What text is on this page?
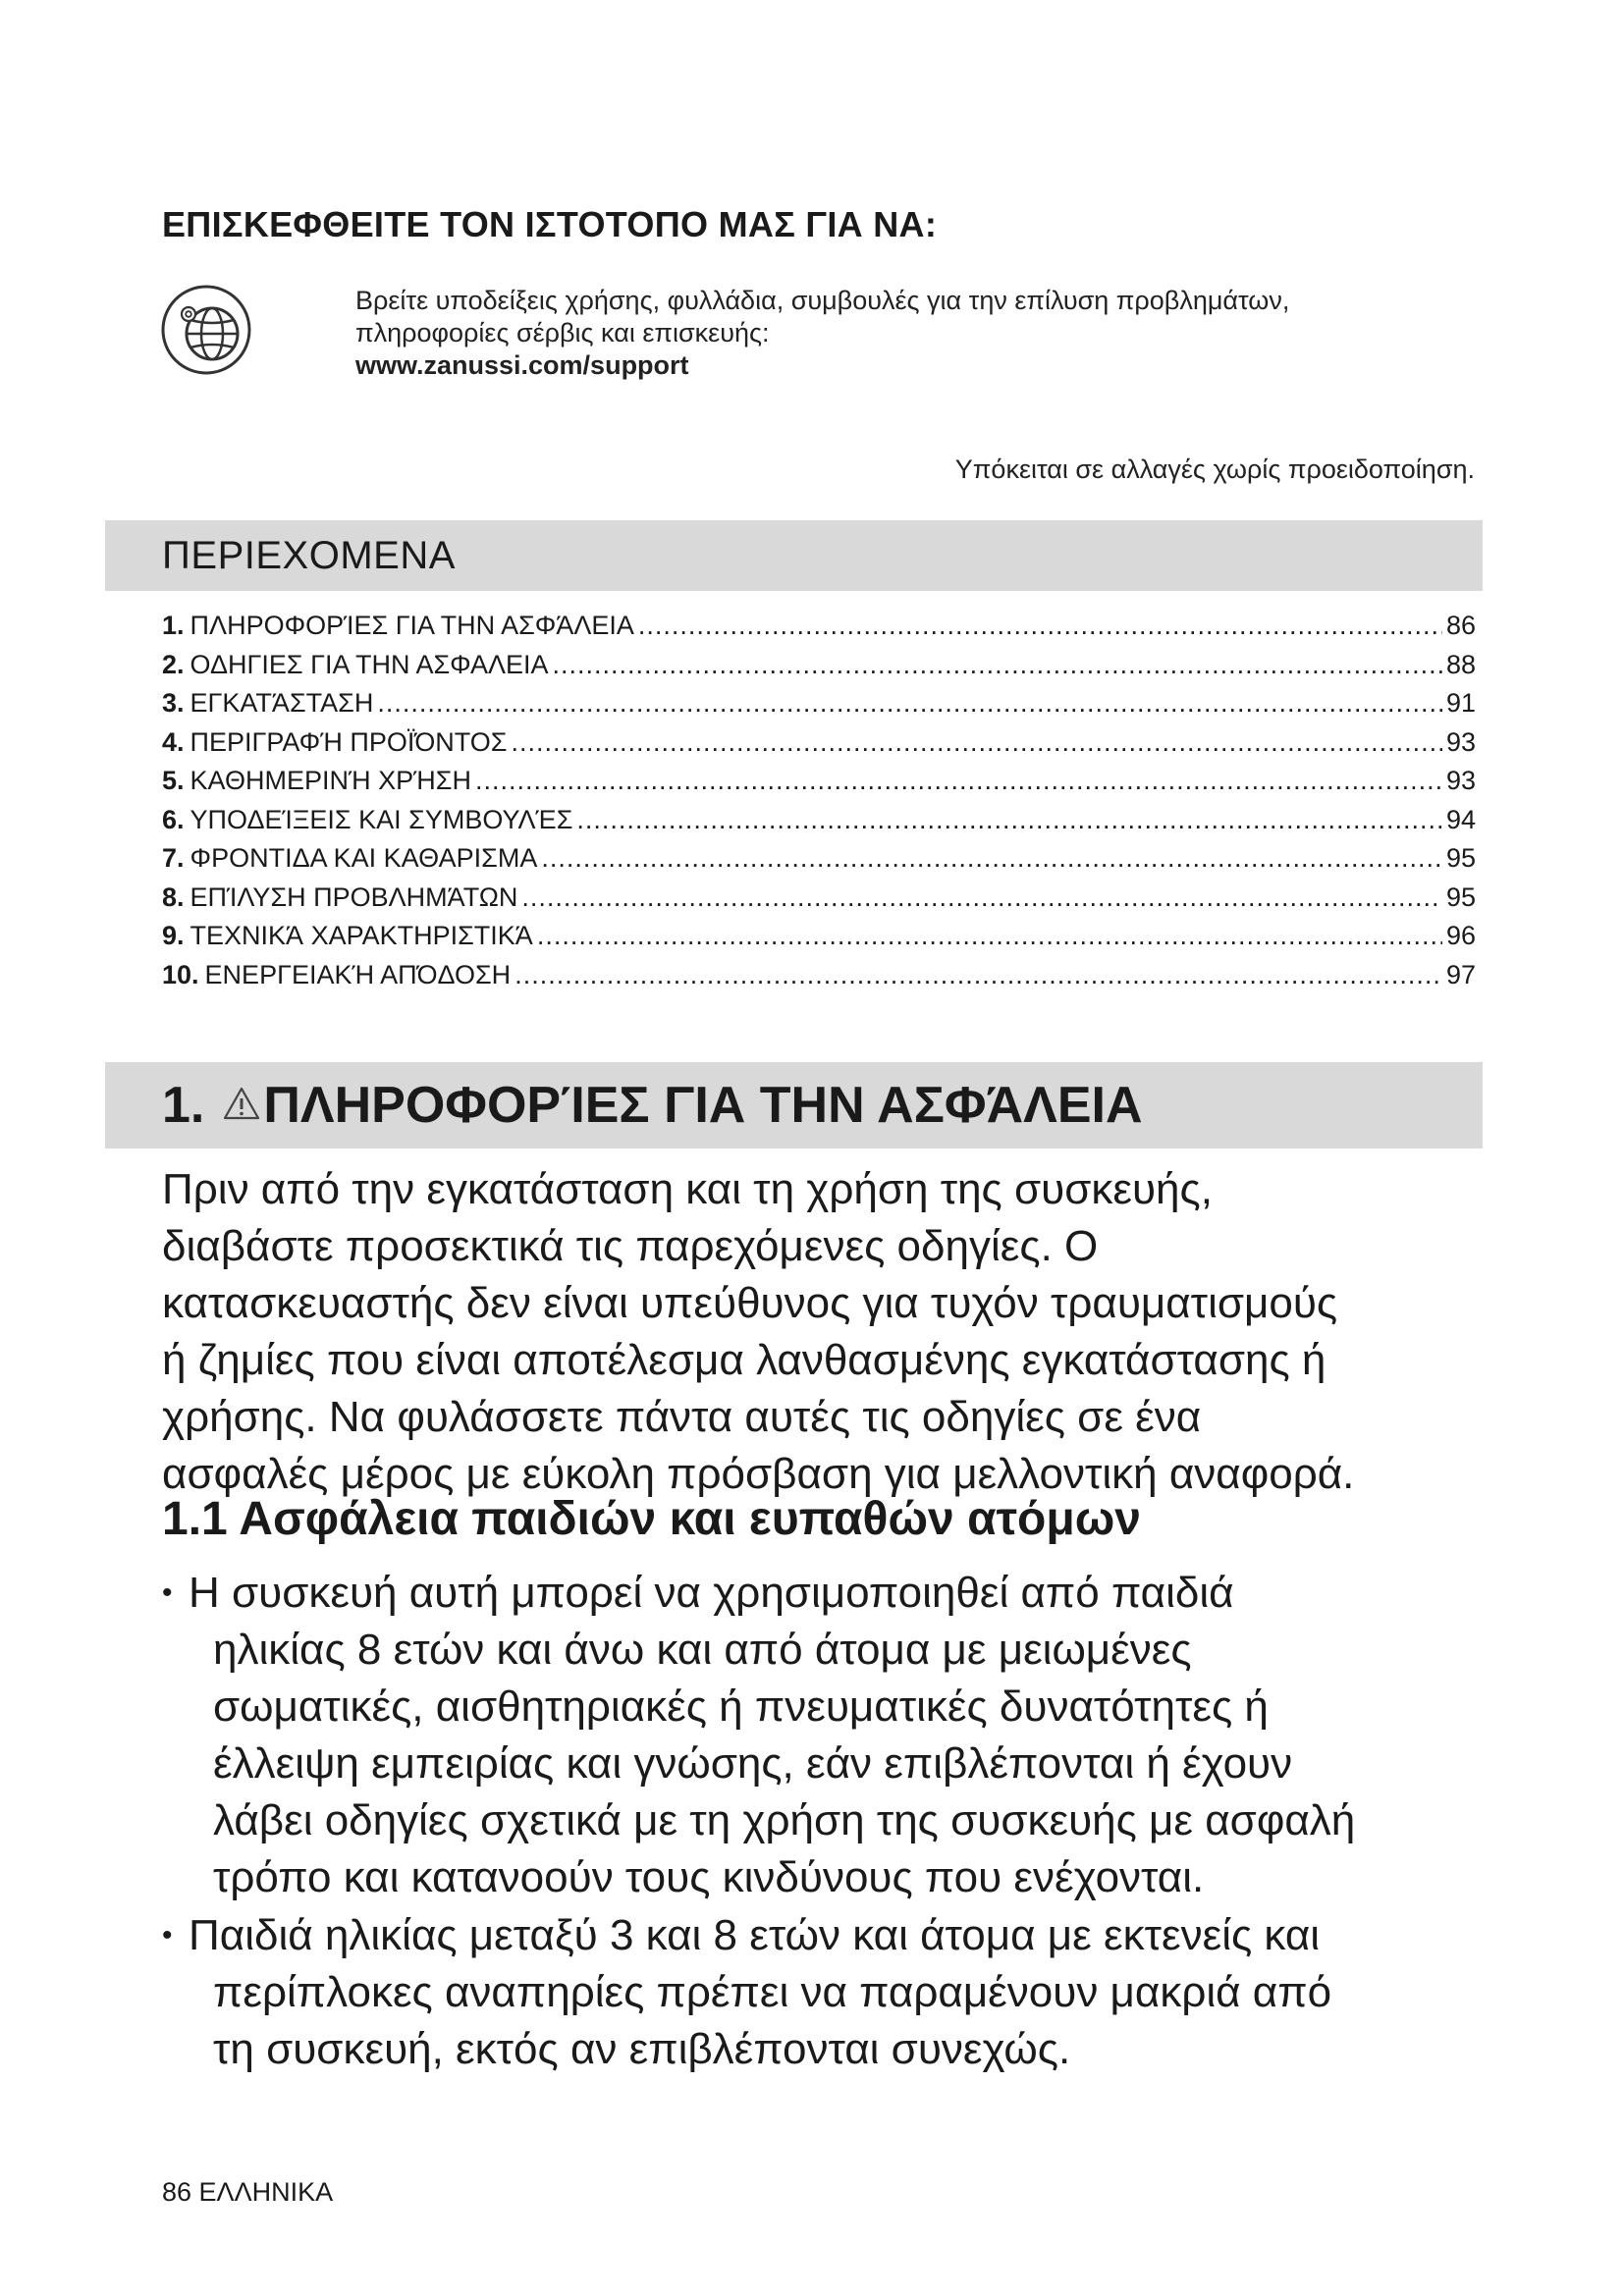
ΕΠΙΣΚΕΦΘΕΙΤΕ ΤΟΝ ΙΣΤΟΤΟΠΟ ΜΑΣ ΓΙΑ ΝΑ:
Βρείτε υποδείξεις χρήσης, φυλλάδια, συμβουλές για την επίλυση προβλημάτων,
πληροφορίες σέρβις και επισκευής:
www.zanussi.com/support
Υπόκειται σε αλλαγές χωρίς προειδοποίηση.
ΠΕΡΙΕΧΟΜΕΝΑ
1. ΠΛΗΡΟΦΟΡΊΕΣ ΓΙΑ ΤΗΝ ΑΣΦΆΛΕΙΑ .....	86
2. ΟΔΗΓΙΕΣ ΓΙΑ ΤΗΝ ΑΣΦΑΛΕΙΑ .....	88
3. ΕΓΚΑΤΆΣΤΑΣΗ .....	91
4. ΠΕΡΙΓΡΑΦΉ ΠΡΟΪΌΝΤΟΣ .....	93
5. ΚΑΘΗΜΕΡΙΝΉ ΧΡΉΣΗ .....	93
6. ΥΠΟΔΕΊΞΕΙΣ ΚΑΙ ΣΥΜΒΟΥΛΈΣ .....	94
7. ΦΡΟΝΤΙΔΑ ΚΑΙ ΚΑΘΑΡΙΣΜΑ .....	95
8. ΕΠΊΛΥΣΗ ΠΡΟΒΛΗΜΆΤΩΝ .....	95
9. ΤΕΧΝΙΚΆ ΧΑΡΑΚΤΗΡΙΣΤΙΚΆ .....	96
10. ΕΝΕΡΓΕΙΑΚΉ ΑΠΌΔΟΣΗ .....	97
1. ΠΛΗΡΟΦΟΡΊΕΣ ΓΙΑ ΤΗΝ ΑΣΦΆΛΕΙΑ
Πριν από την εγκατάσταση και τη χρήση της συσκευής,
διαβάστε προσεκτικά τις παρεχόμενες οδηγίες. Ο
κατασκευαστής δεν είναι υπεύθυνος για τυχόν τραυματισμούς
ή ζημίες που είναι αποτέλεσμα λανθασμένης εγκατάστασης ή
χρήσης. Να φυλάσσετε πάντα αυτές τις οδηγίες σε ένα
ασφαλές μέρος με εύκολη πρόσβαση για μελλοντική αναφορά.
1.1 Ασφάλεια παιδιών και ευπαθών ατόμων
• Η συσκευή αυτή μπορεί να χρησιμοποιηθεί από παιδιά
ηλικίας 8 ετών και άνω και από άτομα με μειωμένες
σωματικές, αισθητηριακές ή πνευματικές δυνατότητες ή
έλλειψη εμπειρίας και γνώσης, εάν επιβλέπονται ή έχουν
λάβει οδηγίες σχετικά με τη χρήση της συσκευής με ασφαλή
τρόπο και κατανοούν τους κινδύνους που ενέχονται.
• Παιδιά ηλικίας μεταξύ 3 και 8 ετών και άτομα με εκτενείς και
περίπλοκες αναπηρίες πρέπει να παραμένουν μακριά από
τη συσκευή, εκτός αν επιβλέπονται συνεχώς.
86 ΕΛΛΗΝΙΚΑ
